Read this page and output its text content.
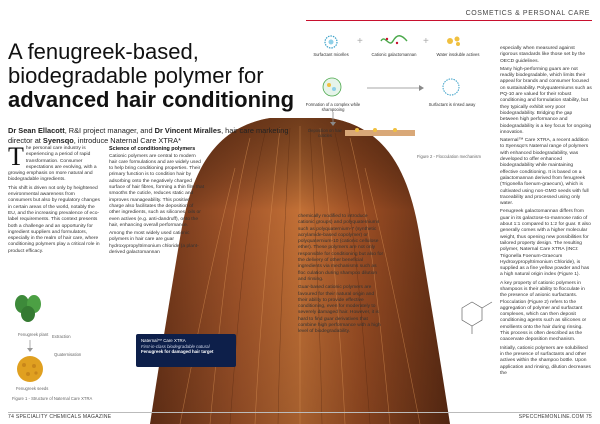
COSMETICS & PERSONAL CARE
A fenugreek-based,
biodegradable polymer for
advanced hair conditioning
Dr Sean Ellacott, R&I project manager, and Dr Vincent Miralles, hair care marketing director at Syensqo, introduce Naternal Care XTRA*
T he personal care industry is experiencing a period of rapid transformation. Consumer expectations are evolving, with a growing emphasis on more natural and biodegradable ingredients.

This shift is driven not only by heightened environmental awareness from consumers but also by regulatory changes in certain areas of the world, notably the EU, and the increasing prevalence of eco-label requirements. This context presents both a challenge and an opportunity for ingredient suppliers and formulators, especially in the realm of hair care, where conditioning polymers play a critical role in product efficacy.

Science of conditioning polymers

Cationic polymers are central to modern hair care formulations and are widely used to help bring conditioning properties. Their primary function is to condition hair by adsorbing onto the negatively charged surface of hair fibres, forming a thin film that smooths the cuticle, reduces static and improves manageability. This positive charge also facilitates the deposition of other ingredients, such as silicones, oils or even actives (e.g. anti-dandruff), onto the hair, enhancing overall performance.

Among the most widely used cationic polymers in hair care are guar hydroxypropyltrimonium chloride (a plant-derived galactomannan

chemically modified to introduce cationic groups) and polyquaterniums such as polyquaternium-7 (synthetic acrylamide-based copolymer) or polyquaternium-10 (cationic cellulose ether). These polymers are not only responsible for conditioning but also for the delivery of other beneficial ingredients via mechanisms such as floc culation during shampoo dilution and rinsing.

Guar-based cationic polymers are favoured for their natural origin and their ability to provide effective conditioning, even for moderately to severely damaged hair. However, it is hard to find guar derivatives that combine high performance with a high level of biodegradability.

especially when measured against rigorous standards like those set by the OECD guidelines.

Many high-performing guars are not readily biodegradable, which limits their appeal for brands and consumer focused on sustainability. Polyquaterniums such as PQ-10 are valued for their robust conditioning and formulation stability, but they typically exhibit very poor biodegradability. Bridging the gap between high performance and biodegradability is a key focus for ongoing innovation.

Naternal™ Care XTRA, a recent addition to Syensqo's Naternal range of polymers with enhanced biodegradability, was developed to offer enhanced biodegradability while maintaining effective conditioning. It is based on a galactomannan derived from fenugreek (Trigonella foenum-graecum), which is cultivated using non-GMO seeds with full traceability and processed using only water.

Fenugreek galactomannan differs from guar in its galactose-to-mannose ratio of about 1:1 compared to 1:2 for guar. It also generally comes with a higher molecular weight, thus opening new possibilities for tailored property design. The resulting polymer, Naternal Care XTRA (INCI: Trigonella Foenum-Graecum Hydroxypropyltrimonium Chloride), is supplied as a fine yellow powder and has a high natural origin index (Figure 1).

A key property of cationic polymers in shampoos is their ability to flocculate in the presence of anionic surfactants. Flocculation (Figure 2) refers to the aggregation of polymer and surfactant complexes, which can then deposit conditioning agents such as silicones or emollients onto the hair during rinsing. This process is often described as the coacervate deposition mechanism.

Initially, cationic polymers are solubilised in the presence of surfactants and other actives within the shampoo bottle. Upon application and rinsing, dilution decreases the

Surfactant micelles
+
Cationic galactomannan
+
Water insoluble actives
Formation of a complex while shampooing
Surfactant is rinsed away
Deposition on hair cuticles
Figure 2 - Flocculation mechanism
Fenugreek plant
Fenugreek seeds
Extraction
Quaternisation
Figure 1 - Structure of Naternal Care XTRA
Naternal™ Care XTRA
First-in-class biodegradable natural
Fenugreek for damaged hair target
74 SPECIALITY CHEMICALS MAGAZINE	SPECCHEMONLINE.COM 75
